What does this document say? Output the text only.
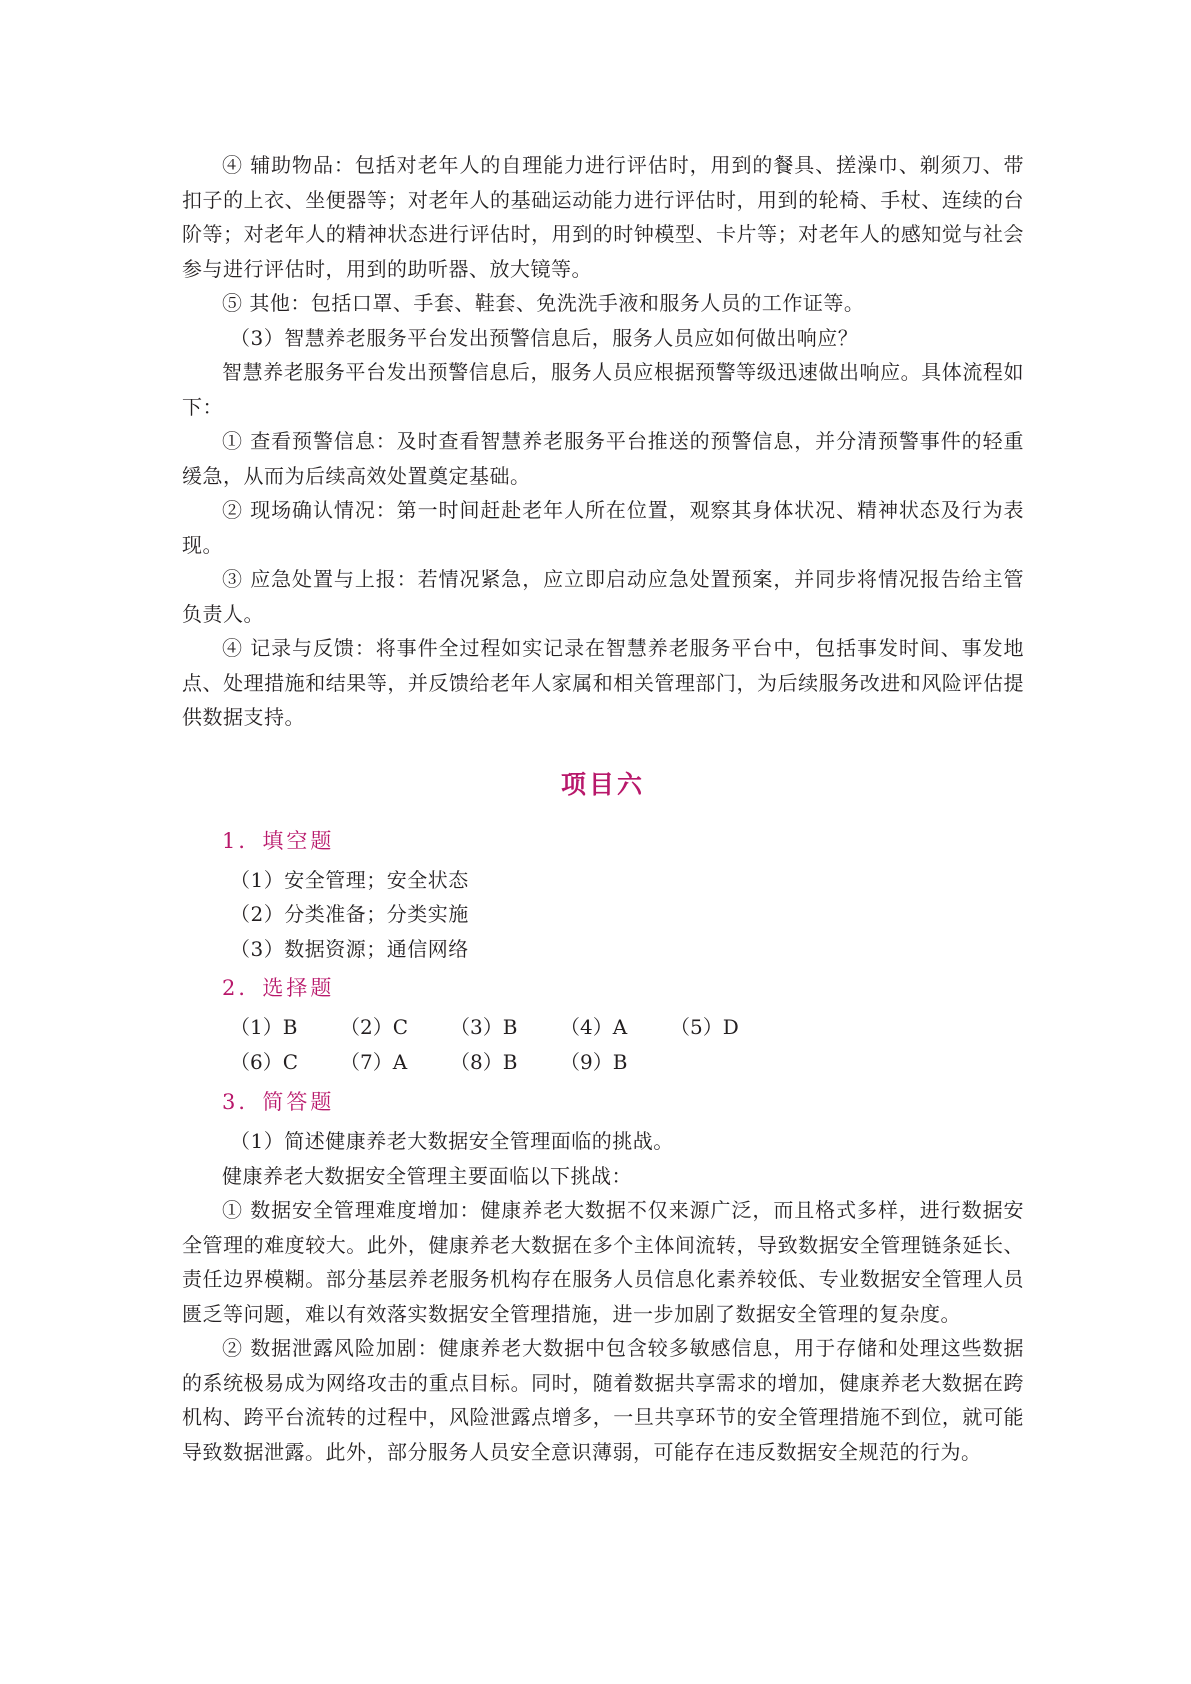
④ 辅助物品：包括对老年人的自理能力进行评估时，用到的餐具、搓澡巾、剃须刀、带扣子的上衣、坐便器等；对老年人的基础运动能力进行评估时，用到的轮椅、手杖、连续的台阶等；对老年人的精神状态进行评估时，用到的时钟模型、卡片等；对老年人的感知觉与社会参与进行评估时，用到的助听器、放大镜等。

⑤ 其他：包括口罩、手套、鞋套、免洗洗手液和服务人员的工作证等。

（3）智慧养老服务平台发出预警信息后，服务人员应如何做出响应？

智慧养老服务平台发出预警信息后，服务人员应根据预警等级迅速做出响应。具体流程如下：

① 查看预警信息：及时查看智慧养老服务平台推送的预警信息，并分清预警事件的轻重缓急，从而为后续高效处置奠定基础。

② 现场确认情况：第一时间赶赴老年人所在位置，观察其身体状况、精神状态及行为表现。

③ 应急处置与上报：若情况紧急，应立即启动应急处置预案，并同步将情况报告给主管负责人。

④ 记录与反馈：将事件全过程如实记录在智慧养老服务平台中，包括事发时间、事发地点、处理措施和结果等，并反馈给老年人家属和相关管理部门，为后续服务改进和风险评估提供数据支持。

项目六

1．填空题

（1）安全管理；安全状态

（2）分类准备；分类实施

（3）数据资源；通信网络

2．选择题

（1）B	（2）C	（3）B	（4）A	（5）D
（6）C	（7）A	（8）B	（9）B

3．简答题

（1）简述健康养老大数据安全管理面临的挑战。

健康养老大数据安全管理主要面临以下挑战：

① 数据安全管理难度增加：健康养老大数据不仅来源广泛，而且格式多样，进行数据安全管理的难度较大。此外，健康养老大数据在多个主体间流转，导致数据安全管理链条延长、责任边界模糊。部分基层养老服务机构存在服务人员信息化素养较低、专业数据安全管理人员匮乏等问题，难以有效落实数据安全管理措施，进一步加剧了数据安全管理的复杂度。

② 数据泄露风险加剧：健康养老大数据中包含较多敏感信息，用于存储和处理这些数据的系统极易成为网络攻击的重点目标。同时，随着数据共享需求的增加，健康养老大数据在跨机构、跨平台流转的过程中，风险泄露点增多，一旦共享环节的安全管理措施不到位，就可能导致数据泄露。此外，部分服务人员安全意识薄弱，可能存在违反数据安全规范的行为。
